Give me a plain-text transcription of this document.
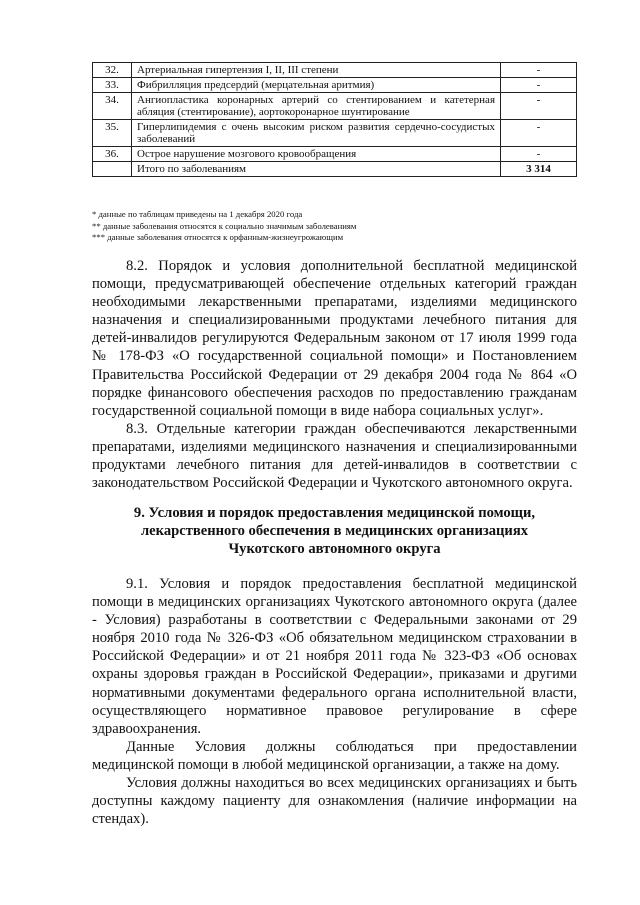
32.	Артериальная гипертензия I, II, III степени	-
33.	Фибрилляция предсердий (мерцательная аритмия)	-
34.	Ангиопластика коронарных артерий со стентированием и катетерная абляция (стентирование), аортокоронарное шунтирование	-
35.	Гиперлипидемия с очень высоким риском развития сердечно-сосудистых заболеваний	-
36.	Острое нарушение мозгового кровообращения	-
	Итого по заболеваниям	3 314

* данные по таблицам приведены на 1 декабря 2020 года

** данные заболевания относятся к социально значимым заболеваниям

*** данные заболевания относятся к орфанным-жизнеугрожающим

8.2. Порядок и условия дополнительной бесплатной медицинской помощи, предусматривающей обеспечение отдельных категорий граждан необходимыми лекарственными препаратами, изделиями медицинского назначения и специализированными продуктами лечебного питания для детей-инвалидов регулируются Федеральным законом от 17 июля 1999 года № 178-ФЗ «О государственной социальной помощи» и Постановлением Правительства Российской Федерации от 29 декабря 2004 года № 864 «О порядке финансового обеспечения расходов по предоставлению гражданам государственной социальной помощи в виде набора социальных услуг».

8.3. Отдельные категории граждан обеспечиваются лекарственными препаратами, изделиями медицинского назначения и специализированными продуктами лечебного питания для детей-инвалидов в соответствии с законодательством Российской Федерации и Чукотского автономного округа.

9. Условия и порядок предоставления медицинской помощи,
лекарственного обеспечения в медицинских организациях
Чукотского автономного округа

9.1. Условия и порядок предоставления бесплатной медицинской помощи в медицинских организациях Чукотского автономного округа (далее - Условия) разработаны в соответствии с Федеральными законами от 29 ноября 2010 года № 326-ФЗ «Об обязательном медицинском страховании в Российской Федерации» и от 21 ноября 2011 года № 323-ФЗ «Об основах охраны здоровья граждан в Российской Федерации», приказами и другими нормативными документами федерального органа исполнительной власти, осуществляющего нормативное правовое регулирование в сфере здравоохранения.

Данные Условия должны соблюдаться при предоставлении медицинской помощи в любой медицинской организации, а также на дому.

Условия должны находиться во всех медицинских организациях и быть доступны каждому пациенту для ознакомления (наличие информации на стендах).
